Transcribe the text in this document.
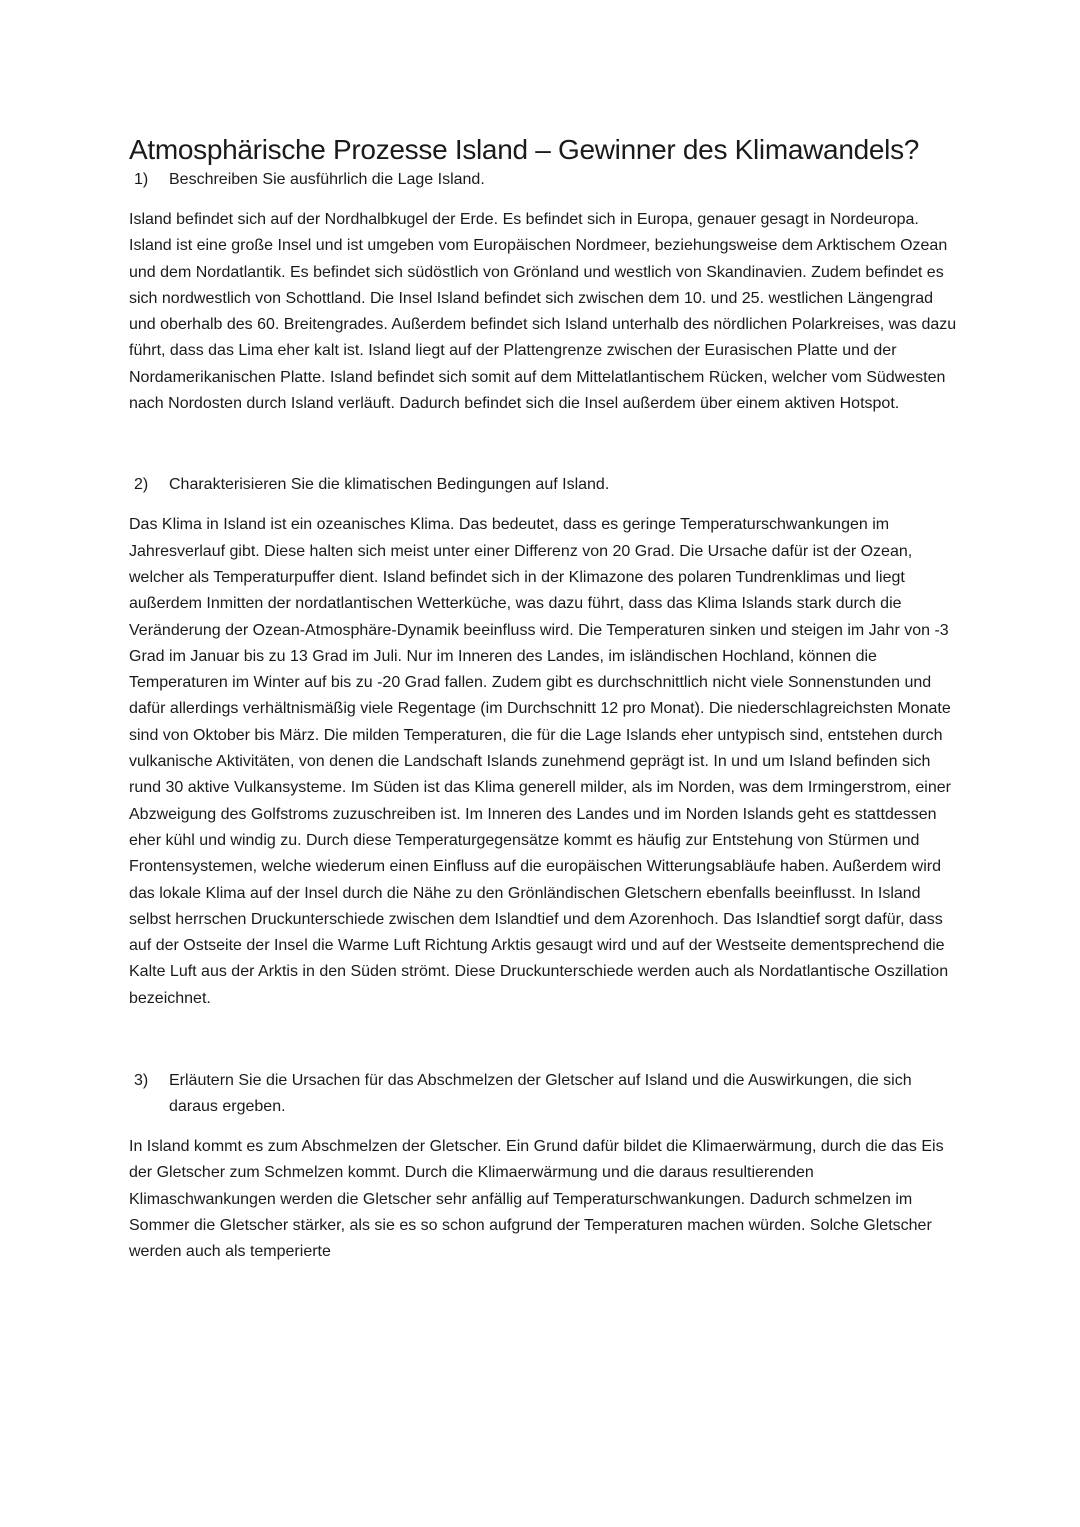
Atmosphärische Prozesse Island – Gewinner des Klimawandels?
1)	Beschreiben Sie ausführlich die Lage Island.

Island befindet sich auf der Nordhalbkugel der Erde. Es befindet sich in Europa, genauer gesagt in Nordeuropa. Island ist eine große Insel und ist umgeben vom Europäischen Nordmeer, beziehungsweise dem Arktischem Ozean und dem Nordatlantik. Es befindet sich südöstlich von Grönland und westlich von Skandinavien. Zudem befindet es sich nordwestlich von Schottland. Die Insel Island befindet sich zwischen dem 10. und 25. westlichen Längengrad und oberhalb des 60. Breitengrades. Außerdem befindet sich Island unterhalb des nördlichen Polarkreises, was dazu führt, dass das Lima eher kalt ist. Island liegt auf der Plattengrenze zwischen der Eurasischen Platte und der Nordamerikanischen Platte. Island befindet sich somit auf dem Mittelatlantischem Rücken, welcher vom Südwesten nach Nordosten durch Island verläuft. Dadurch befindet sich die Insel außerdem über einem aktiven Hotspot.

2)	Charakterisieren Sie die klimatischen Bedingungen auf Island.

Das Klima in Island ist ein ozeanisches Klima. Das bedeutet, dass es geringe Temperaturschwankungen im Jahresverlauf gibt. Diese halten sich meist unter einer Differenz von 20 Grad. Die Ursache dafür ist der Ozean, welcher als Temperaturpuffer dient. Island befindet sich in der Klimazone des polaren Tundrenklimas und liegt außerdem Inmitten der nordatlantischen Wetterküche, was dazu führt, dass das Klima Islands stark durch die Veränderung der Ozean-Atmosphäre-Dynamik beeinfluss wird. Die Temperaturen sinken und steigen im Jahr von -3 Grad im Januar bis zu 13 Grad im Juli. Nur im Inneren des Landes, im isländischen Hochland, können die Temperaturen im Winter auf bis zu -20 Grad fallen. Zudem gibt es durchschnittlich nicht viele Sonnenstunden und dafür allerdings verhältnismäßig viele Regentage (im Durchschnitt 12 pro Monat). Die niederschlagreichsten Monate sind von Oktober bis März. Die milden Temperaturen, die für die Lage Islands eher untypisch sind, entstehen durch vulkanische Aktivitäten, von denen die Landschaft Islands zunehmend geprägt ist. In und um Island befinden sich rund 30 aktive Vulkansysteme. Im Süden ist das Klima generell milder, als im Norden, was dem Irmingerstrom, einer Abzweigung des Golfstroms zuzuschreiben ist. Im Inneren des Landes und im Norden Islands geht es stattdessen eher kühl und windig zu. Durch diese Temperaturgegensätze kommt es häufig zur Entstehung von Stürmen und Frontensystemen, welche wiederum einen Einfluss auf die europäischen Witterungsabläufe haben. Außerdem wird das lokale Klima auf der Insel durch die Nähe zu den Grönländischen Gletschern ebenfalls beeinflusst. In Island selbst herrschen Druckunterschiede zwischen dem Islandtief und dem Azorenhoch. Das Islandtief sorgt dafür, dass auf der Ostseite der Insel die Warme Luft Richtung Arktis gesaugt wird und auf der Westseite dementsprechend die Kalte Luft aus der Arktis in den Süden strömt. Diese Druckunterschiede werden auch als Nordatlantische Oszillation bezeichnet.

3)	Erläutern Sie die Ursachen für das Abschmelzen der Gletscher auf Island und die Auswirkungen, die sich daraus ergeben.

In Island kommt es zum Abschmelzen der Gletscher. Ein Grund dafür bildet die Klimaerwärmung, durch die das Eis der Gletscher zum Schmelzen kommt. Durch die Klimaerwärmung und die daraus resultierenden Klimaschwankungen werden die Gletscher sehr anfällig auf Temperaturschwankungen. Dadurch schmelzen im Sommer die Gletscher stärker, als sie es so schon aufgrund der Temperaturen machen würden. Solche Gletscher werden auch als temperierte
